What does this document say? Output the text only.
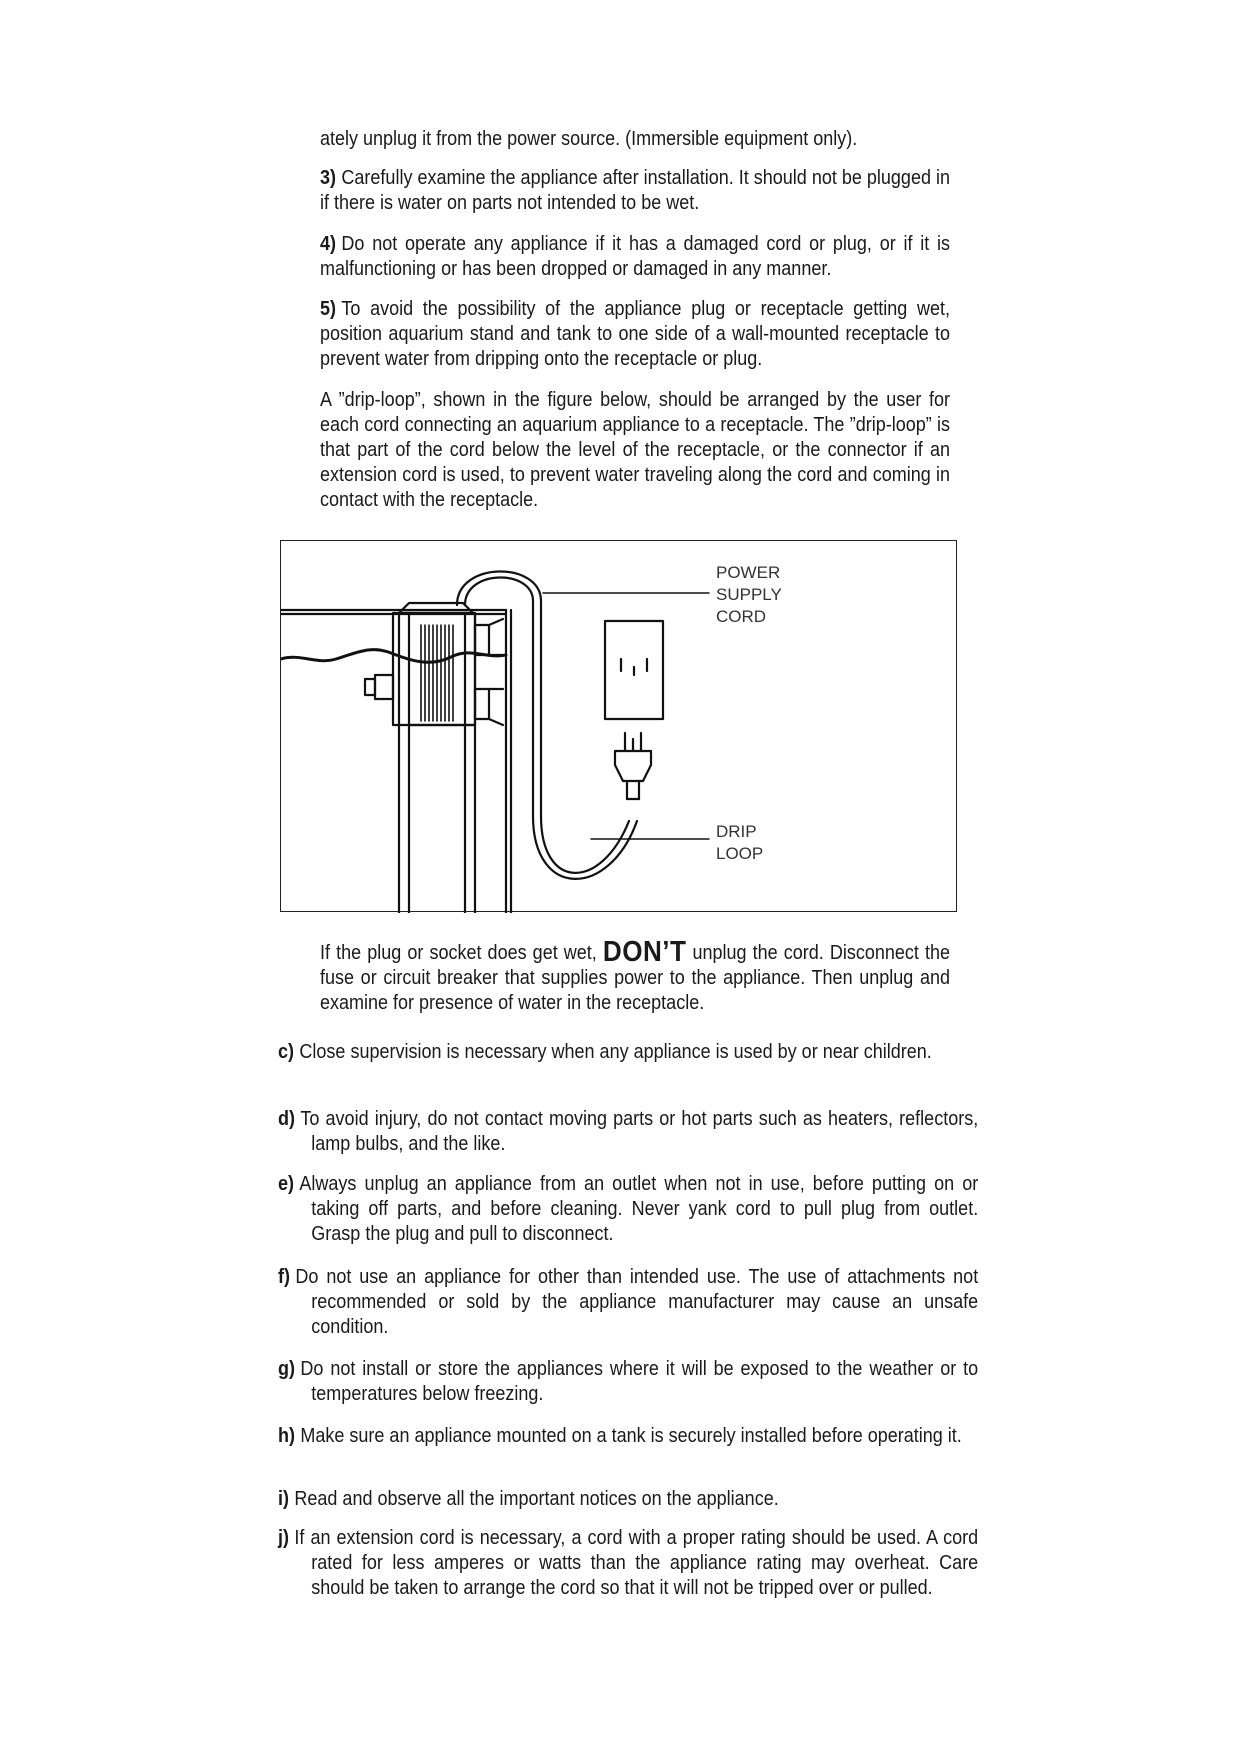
ately unplug it from the power source. (Immersible equipment only).
3) Carefully examine the appliance after installation. It should not be plugged in if there is water on parts not intended to be wet.
4) Do not operate any appliance if it has a damaged cord or plug, or if it is malfunctioning or has been dropped or damaged in any manner.
5) To avoid the possibility of the appliance plug or receptacle getting wet, position aquarium stand and tank to one side of a wall-mounted receptacle to prevent water from dripping onto the receptacle or plug.
A ”drip-loop”, shown in the figure below, should be arranged by the user for each cord connecting an aquarium appliance to a receptacle. The ”drip-loop” is that part of the cord below the level of the receptacle, or the connector if an extension cord is used, to prevent water traveling along the cord and coming in contact with the receptacle.
POWER
SUPPLY
CORD
DRIP
LOOP
If the plug or socket does get wet, DON’T unplug the cord. Disconnect the fuse or circuit breaker that supplies power to the appliance. Then unplug and examine for presence of water in the receptacle.
c) Close supervision is necessary when any appliance is used by or near children.
d) To avoid injury, do not contact moving parts or hot parts such as heaters, reflectors, lamp bulbs, and the like.
e) Always unplug an appliance from an outlet when not in use, before putting on or taking off parts, and before cleaning. Never yank cord to pull plug from outlet. Grasp the plug and pull to disconnect.
f) Do not use an appliance for other than intended use. The use of attachments not recommended or sold by the appliance manufacturer may cause an unsafe condition.
g) Do not install or store the appliances where it will be exposed to the weather or to temperatures below freezing.
h) Make sure an appliance mounted on a tank is securely installed before operating it.
i) Read and observe all the important notices on the appliance.
j) If an extension cord is necessary, a cord with a proper rating should be used. A cord rated for less amperes or watts than the appliance rating may overheat. Care should be taken to arrange the cord so that it will not be tripped over or pulled.
